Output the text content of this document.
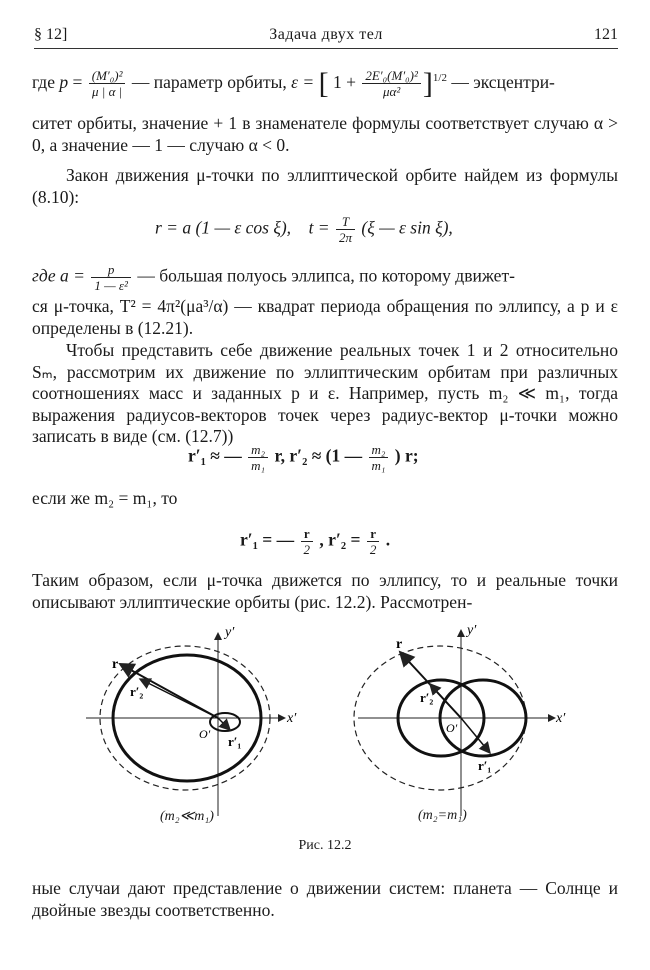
§ 12]	Задача двух тел	121
где $p = \frac{\text{(M′₀)²}}{\mu | \alpha |}$ — параметр орбиты, ε = [ $1 + \frac{\text{2E′₀(M′₀)²}}{\text{μα²}} ]^{1/2}$ — эксцентри-
ситет орбиты, значение + 1 в знаменателе формулы соответствует случаю α > 0, а значение — 1 — случаю α < 0.
Закон движения μ-точки по эллиптической орбите найдем из формулы (8.10):
r = a (1 — ε cos ξ), $t = \frac{T}{2\pi} (\xi$ — ε sin ξ),
где $a = \frac{p}{\text{1 — ε²}}$ — большая полуось эллипса, по которому движет-
ся μ-точка, T² = 4π²(μa³/α) — квадрат периода обращения по эллипсу, а p и ε определены в (12.21).
Чтобы представить себе движение реальных точек 1 и 2 относительно Sₘ, рассмотрим их движение по эллиптическим орбитам при различных соотношениях масс и заданных p и ε. Например, пусть m₂ ≪ m₁, тогда выражения радиусов-векторов точек через радиус-вектор μ-точки можно записать в виде (см. (12.7))
r′₁ ≈ — $\frac{\text{m₂}}{\text{m₁}} r$, r′₂ ≈ (1 — $\frac{\text{m₂}}{\text{m₁}}$ ) r;
если же m₂ = m₁, то
r′₁ = — $\frac{r}{2}$ , $r'_2 = \frac{r}{2}$ .
Таким образом, если μ-точка движется по эллипсу, то и реальные точки описывают эллиптические орбиты (рис. 12.2). Рассмотрен-
y′
x′
O′
r
r′₂
r′₁
y′
x′
O′
r
r′₂
r′₁
(m₂≪m₁)	(m₂=m₁)
Рис. 12.2
ные случаи дают представление о движении систем: планета — Солнце и двойные звезды соответственно.
